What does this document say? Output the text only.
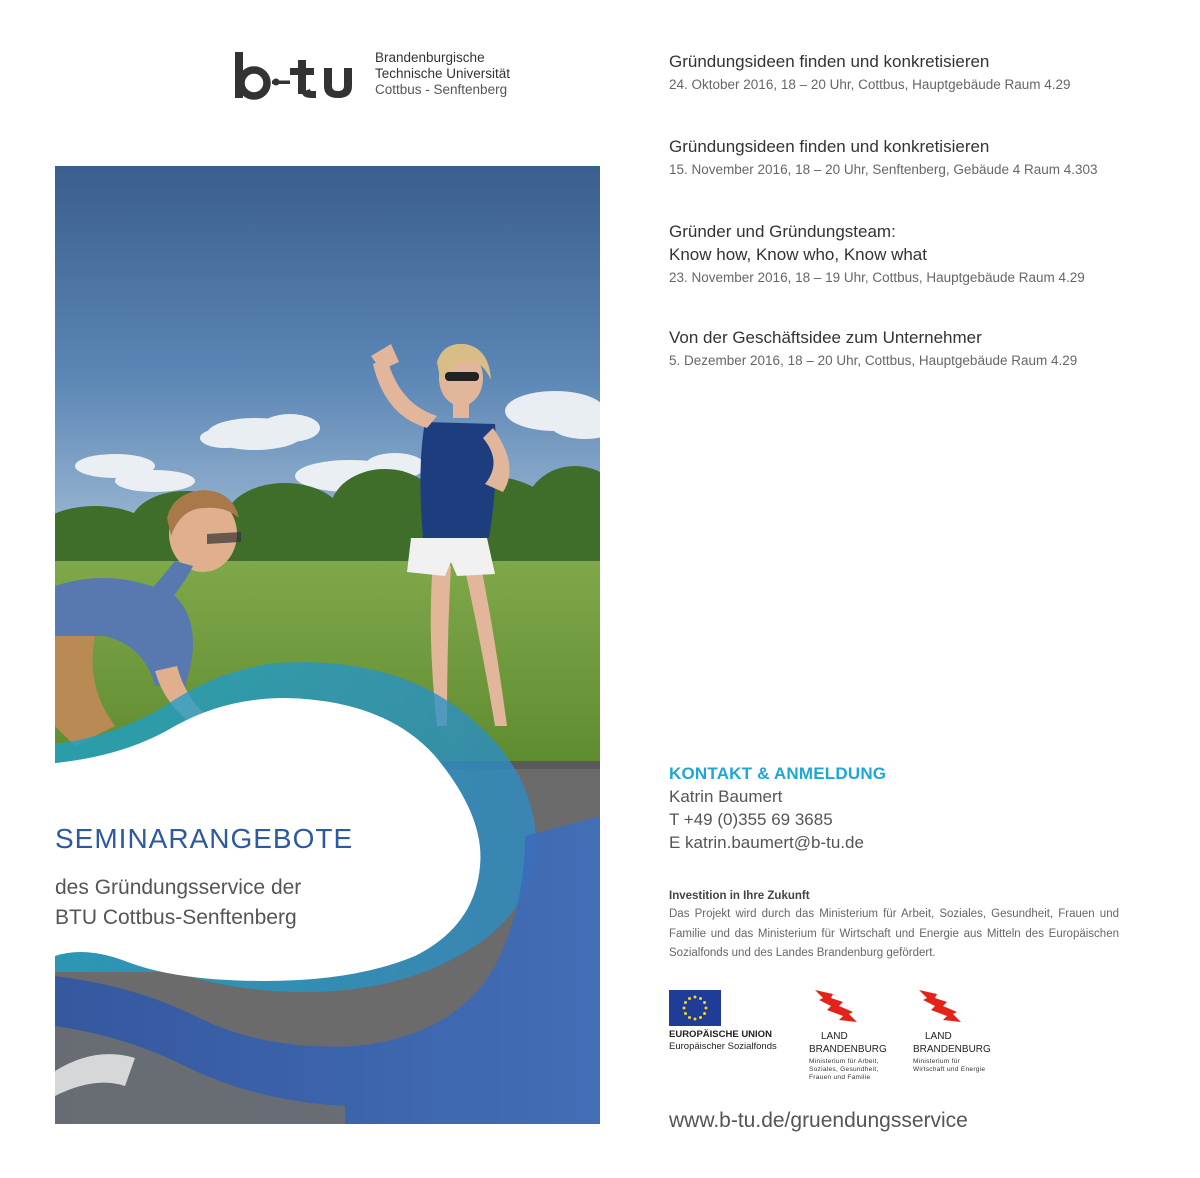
Brandenburgische
Technische Universität
Cottbus - Senftenberg
SEMINARANGEBOTE
des Gründungsservice der
BTU Cottbus-Senftenberg
Gründungsideen finden und konkretisieren
24. Oktober 2016, 18 – 20 Uhr, Cottbus, Hauptgebäude Raum 4.29
Gründungsideen finden und konkretisieren
15. November 2016, 18 – 20 Uhr, Senftenberg, Gebäude 4 Raum 4.303
Gründer und Gründungsteam:
Know how, Know who, Know what
23. November 2016, 18 – 19 Uhr, Cottbus, Hauptgebäude Raum 4.29
Von der Geschäftsidee zum Unternehmer
5. Dezember 2016, 18 – 20 Uhr, Cottbus, Hauptgebäude Raum 4.29
KONTAKT & ANMELDUNG
Katrin Baumert
T +49 (0)355 69 3685
E katrin.baumert@b-tu.de
Investition in Ihre Zukunft
Das Projekt wird durch das Ministerium für Arbeit, Soziales, Gesundheit, Frauen und Familie und das Ministerium für Wirtschaft und Energie aus Mitteln des Europäischen Sozialfonds und des Landes Brandenburg gefördert.
EUROPÄISCHE UNION
Europäischer Sozialfonds
LAND
BRANDENBURG
Ministerium für Arbeit, Soziales, Gesundheit, Frauen und Familie
LAND
BRANDENBURG
Ministerium für Wirtschaft und Energie
www.b-tu.de/gruendungsservice
